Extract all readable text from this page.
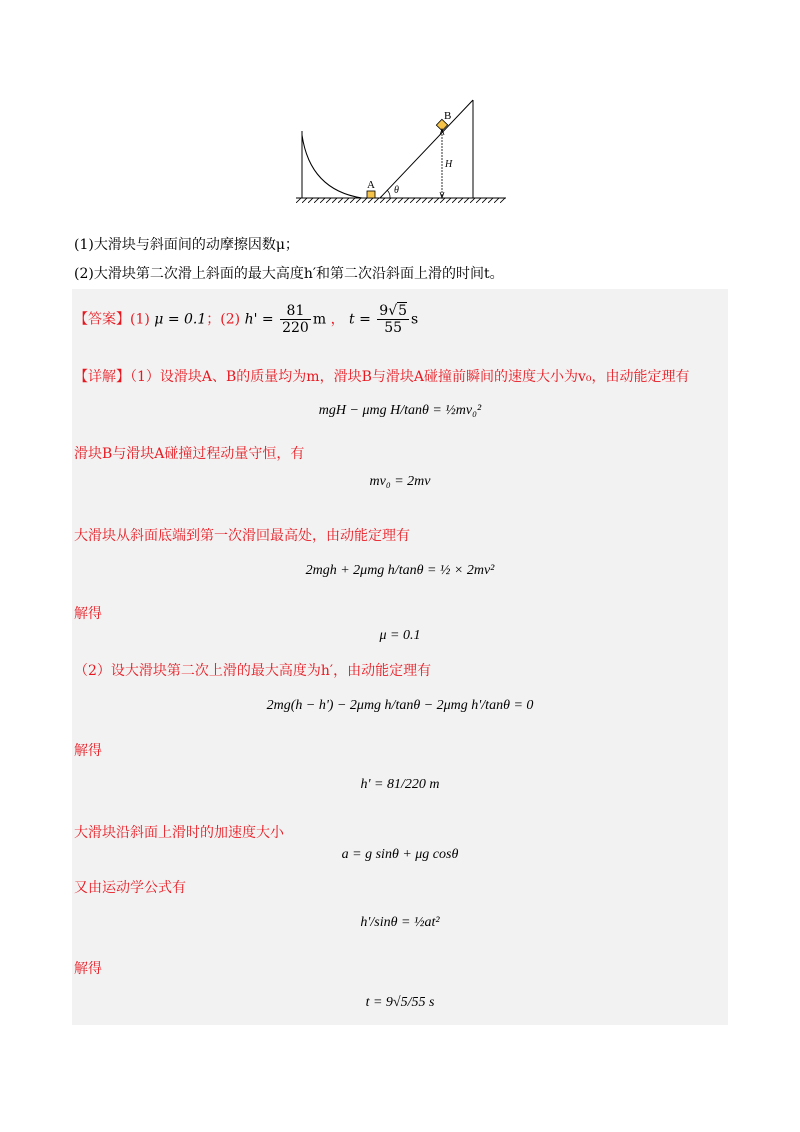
A
B
H
θ
(1)大滑块与斜面间的动摩擦因数μ；
(2)大滑块第二次滑上斜面的最大高度h′和第二次沿斜面上滑的时间t。
【答案】(1) μ = 0.1；(2) $h' = \frac{81}{220}$ m ， $t = \frac{9√5}{55}$ s
【详解】（1）设滑块A、B的质量均为m，滑块B与滑块A碰撞前瞬间的速度大小为v₀，由动能定理有
mgH − μmg H/tanθ = ½mv₀²
滑块B与滑块A碰撞过程动量守恒，有
mv₀ = 2mv
大滑块从斜面底端到第一次滑回最高处，由动能定理有
2mgh + 2μmg h/tanθ = ½ × 2mv²
解得
μ = 0.1
（2）设大滑块第二次上滑的最大高度为h′，由动能定理有
2mg(h − h') − 2μmg h/tanθ − 2μmg h'/tanθ = 0
解得
h' = 81/220 m
大滑块沿斜面上滑时的加速度大小
a = g sinθ + μg cosθ
又由运动学公式有
h'/sinθ = ½at²
解得
t = 9√5/55 s
